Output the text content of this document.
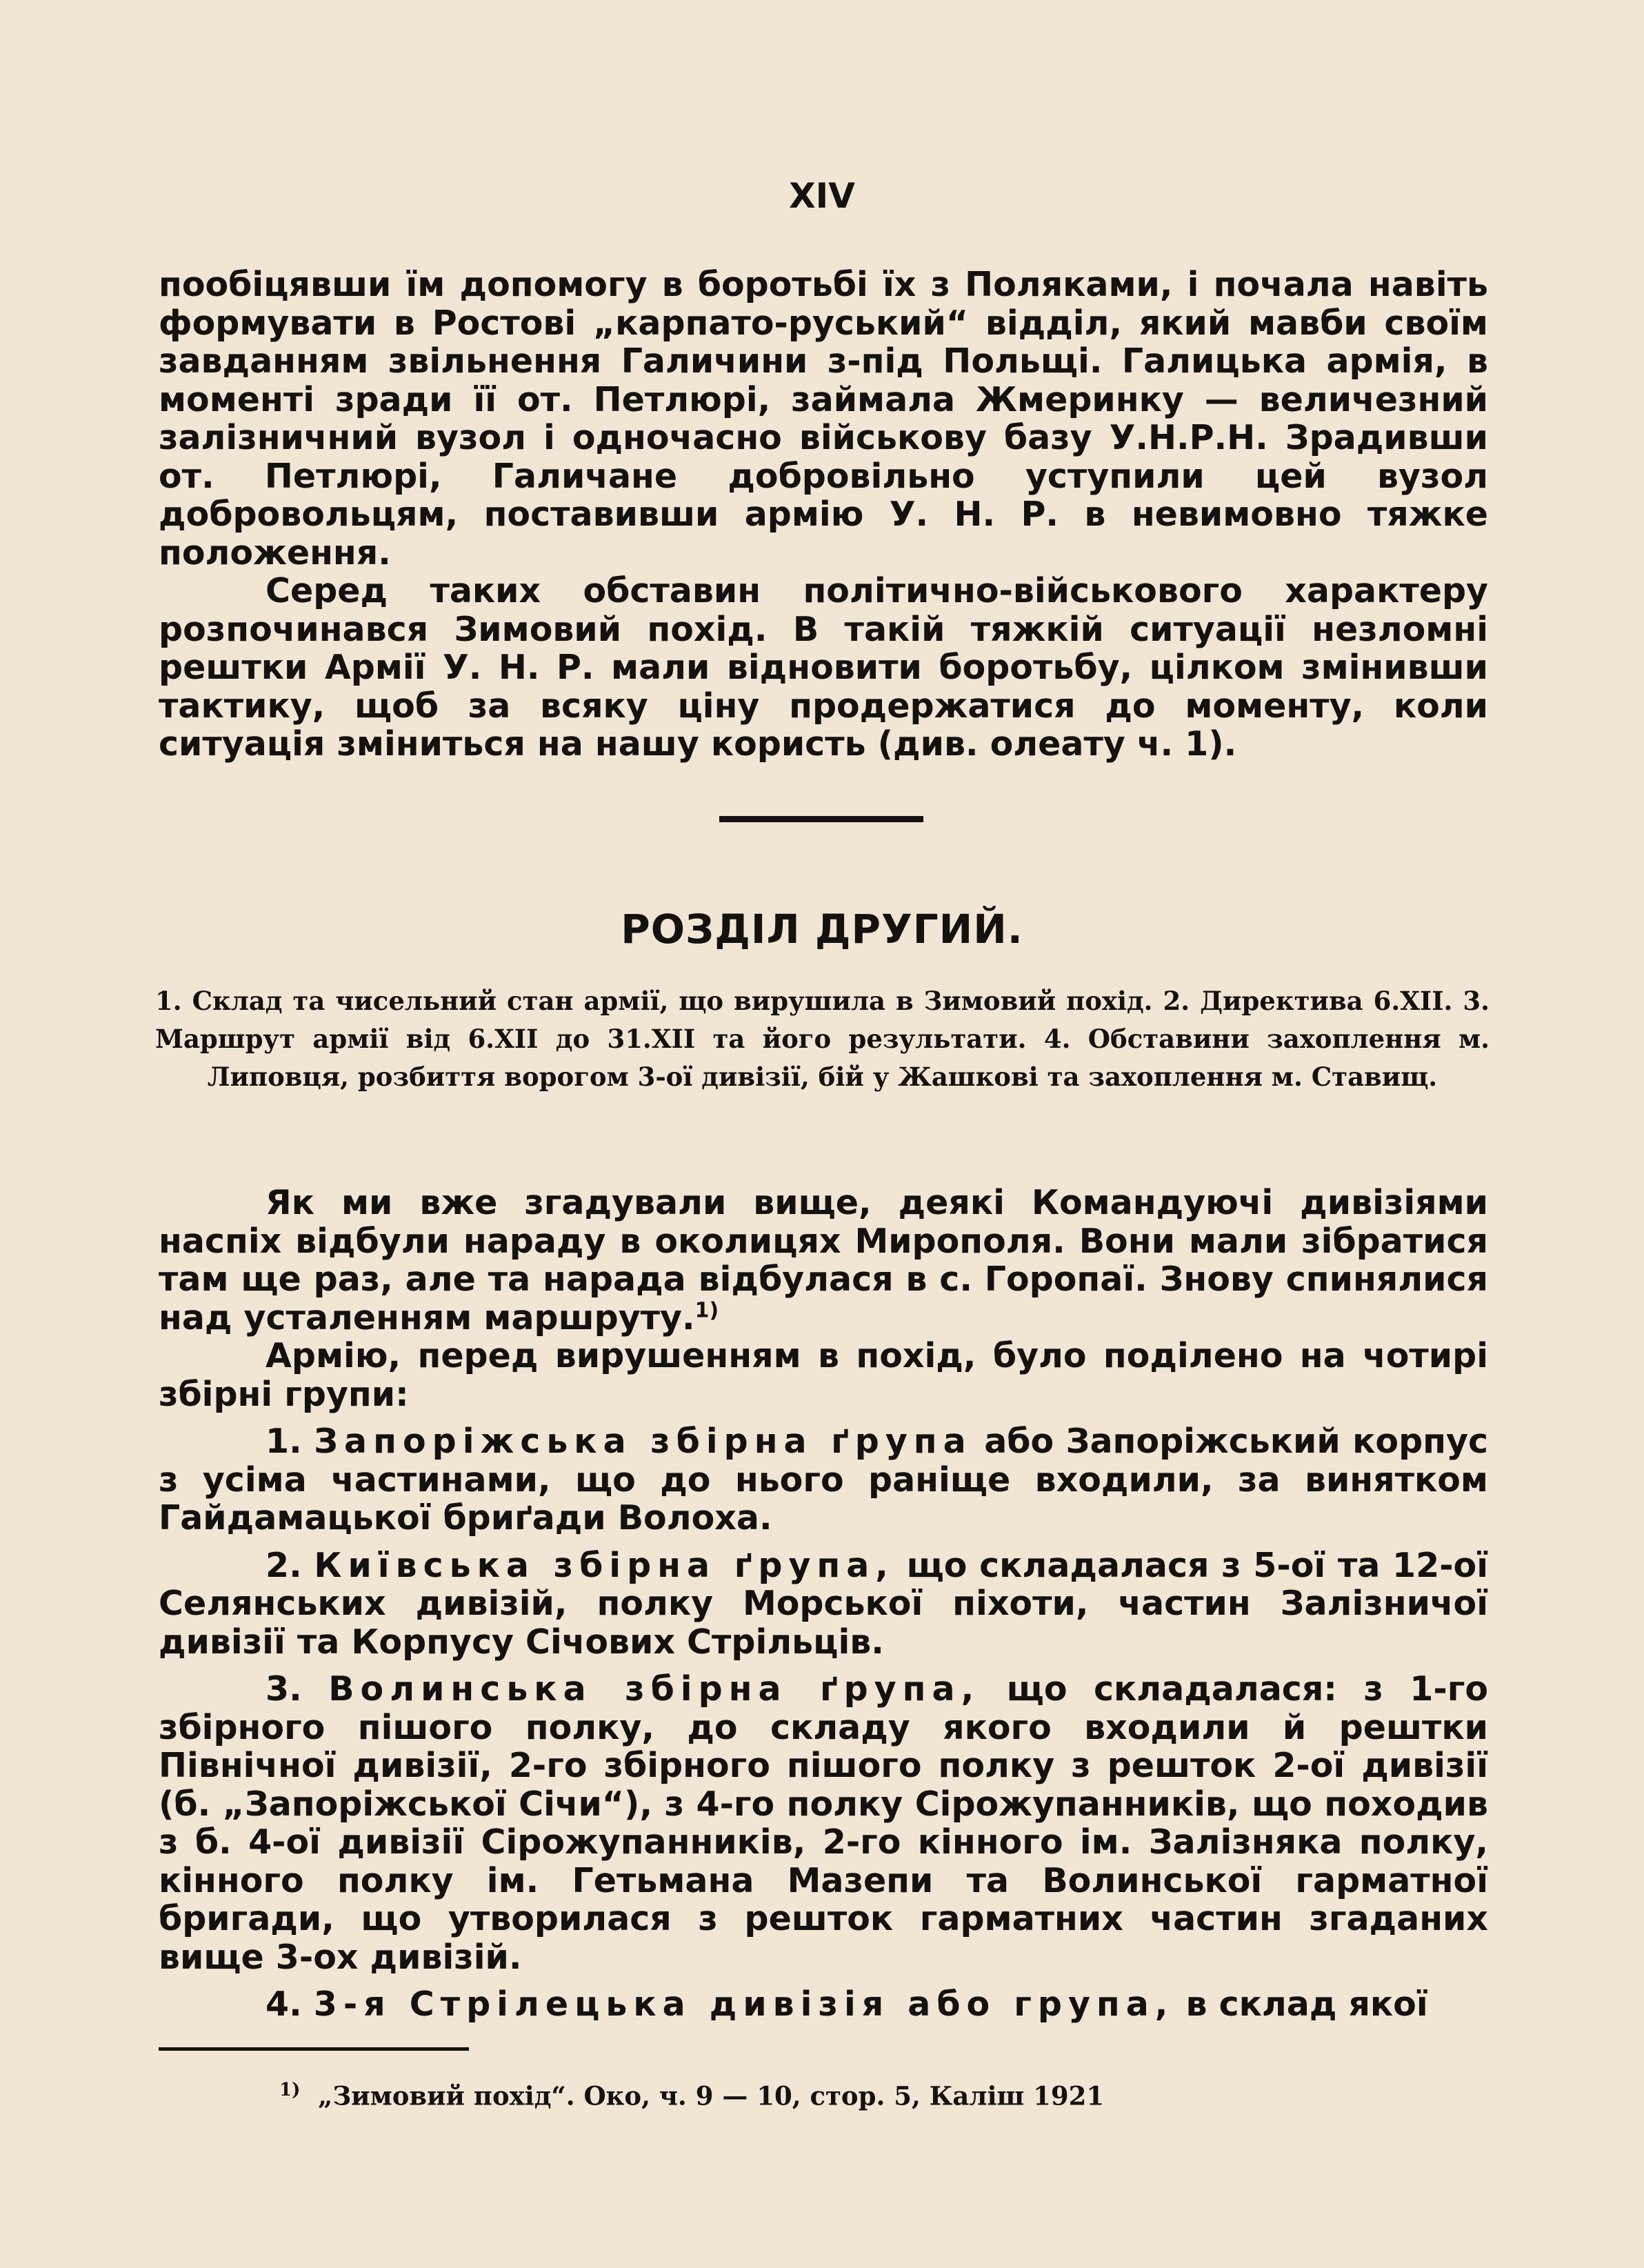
XIV

пообіцявши їм допомогу в боротьбі їх з Поляками, і почала навіть формувати в Ростові „карпато-руський“ відділ, який мавби своїм завданням звільнення Галичини з-під Польщі. Галицька армія, в моменті зради її от. Петлюрі, займала Жмеринку — величезний залізничний вузол і одночасно військову базу У.Н.Р.Н. Зрадивши от. Петлюрі, Галичане добровільно уступили цей вузол добровольцям, поставивши армію У. Н. Р. в невимовно тяжке положення.

Серед таких обставин політично-військового характеру розпочинався Зимовий похід. В такій тяжкій ситуації незломні рештки Армії У. Н. Р. мали відновити боротьбу, цілком змінивши тактику, щоб за всяку ціну продержатися до моменту, коли ситуація зміниться на нашу користь (див. олеату ч. 1).

РОЗДІЛ ДРУГИЙ.
1. Склад та чисельний стан армії, що вирушила в Зимовий похід. 2. Директива 6.XII. 3. Маршрут армії від 6.XII до 31.XII та його результати. 4. Обставини захоплення м. Липовця, розбиття ворогом 3-ої дивізії, бій у Жашкові та захоплення м. Ставищ.

Як ми вже згадували вище, деякі Командуючі дивізіями наспіх відбули нараду в околицях Мирополя. Вони мали зібратися там ще раз, але та нарада відбулася в с. Горопаї. Знову спинялися над усталенням маршруту.$^{1)}$

Армію, перед вирушенням в похід, було поділено на чотирі збірні групи:

1. Запоріжська збірна ґрупа або Запоріжський корпус з усіма частинами, що до нього раніще входили, за винятком Гайдамацької бриґади Волоха.

2. Київська збірна ґрупа, що складалася з 5-ої та 12-ої Селянських дивізій, полку Морської піхоти, частин Залізничої дивізії та Корпусу Січових Стрільців.

3. Волинська збірна ґрупа, що складалася: з 1-го збірного пішого полку, до складу якого входили й рештки Північної дивізії, 2-го збірного пішого полку з решток 2-ої дивізії (б. „Запоріжської Січи“), з 4-го полку Сірожупанників, що походив з б. 4-ої дивізії Сірожупанників, 2-го кінного ім. Залізняка полку, кінного полку ім. Гетьмана Мазепи та Волинської гарматної бригади, що утворилася з решток гарматних частин згаданих вище 3-ох дивізій.

4. 3-я Стрілецька дивізія або група, в склад якої

$^{1)}$ „Зимовий похід“. Око, ч. 9 — 10, стор. 5, Каліш 1921
